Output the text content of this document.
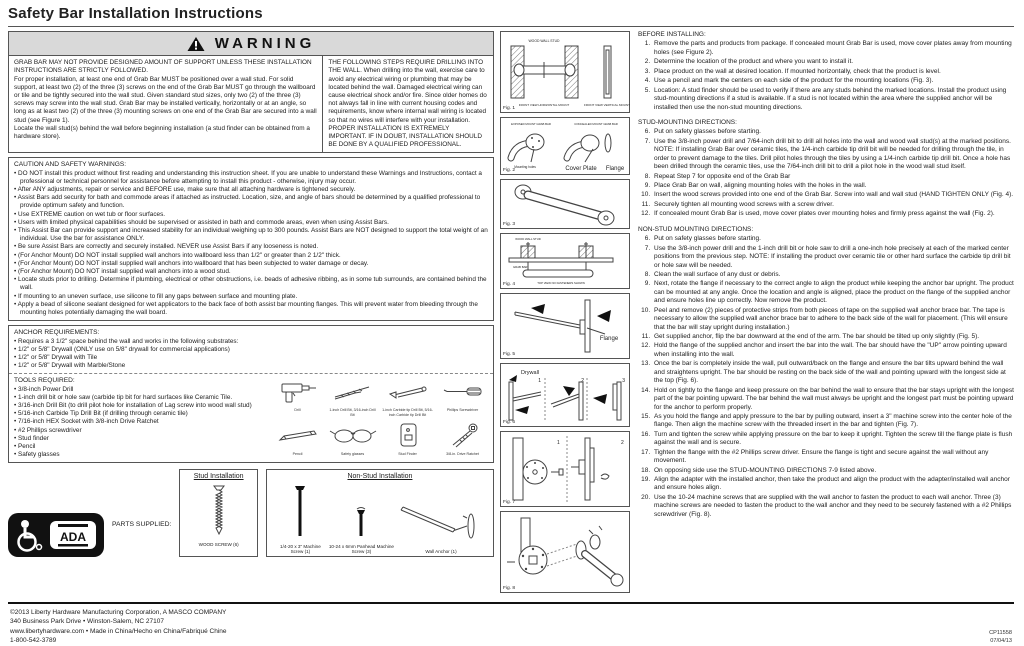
Safety Bar Installation Instructions
WARNING
GRAB BAR MAY NOT PROVIDE DESIGNED AMOUNT OF SUPPORT UNLESS THESE INSTALLATION INSTRUCTIONS ARE STRICTLY FOLLOWED.
For proper installation, at least one end of Grab Bar MUST be positioned over a wall stud. For solid support, at least two (2) of the three (3) screws on the end of the Grab Bar MUST go through the wallboard or tile and be tightly secured into the wall stud. Given standard stud sizes, only two (2) of the three (3) screws may screw into the wall stud. Grab Bar may be installed vertically, horizontally or at an angle, so long as at least two (2) of the three (3) mounting screws on one end of the Grab Bar are secured into a wall stud (see Figure 1).
Locate the wall stud(s) behind the wall before beginning installation (a stud finder can be obtained from a hardware store).
THE FOLLOWING STEPS REQUIRE DRILLING INTO THE WALL. When drilling into the wall, exercise care to avoid any electrical wiring or plumbing that may be located behind the wall. Damaged electrical wiring can cause electrical shock and/or fire. Since older homes do not always fall in line with current housing codes and requirements, know where internal wall wiring is located so that no wires will interfere with your installation. PROPER INSTALLATION IS EXTREMELY IMPORTANT. IF IN DOUBT, INSTALLATION SHOULD BE DONE BY A QUALIFIED PROFESSIONAL.
CAUTION AND SAFETY WARNINGS:
• DO NOT install this product without first reading and understanding this instruction sheet. If you are unable to understand these Warnings and Instructions, contact a professional or technical personnel for assistance before attempting to install this product - otherwise, injury may occur.
• After ANY adjustments, repair or service and BEFORE use, make sure that all attaching hardware is tightened securely.
• Assist Bars add security for bath and commode areas if attached as instructed. Location, size, and angle of bars should be determined by a qualified professional to provide optimum safety and function.
• Use EXTREME caution on wet tub or floor surfaces.
• Users with limited physical capabilities should be supervised or assisted in bath and commode areas, even when using Assist Bars.
• This Assist Bar can provide support and increased stability for an individual weighing up to 300 pounds. Assist Bars are NOT designed to support the total weight of an individual. Use the bar for assistance ONLY.
• Be sure Assist Bars are correctly and securely installed. NEVER use Assist Bars if any looseness is noted.
• (For Anchor Mount) DO NOT install supplied wall anchors into wallboard less than 1/2" or greater than 2 1/2" thick.
• (For Anchor Mount) DO NOT install supplied wall anchors into wallboard that has been subjected to water damage or decay.
• (For Anchor Mount) DO NOT install supplied wall anchors into a wood stud.
• Locate studs prior to drilling. Determine if plumbing, electrical or other obstructions, i.e. beads of adhesive ribbing, as in some tub surrounds, are contained behind the wall.
• If mounting to an uneven surface, use silicone to fill any gaps between surface and mounting plate.
• Apply a bead of silicone sealant designed for wet applicators to the back face of both assist bar mounting flanges. This will prevent water from bleeding through the mounting holes potentially damaging the wall board.
ANCHOR REQUIREMENTS:
• Requires a 3 1/2" space behind the wall and works in the following substrates:
• 1/2" or 5/8" Drywall (ONLY use on 5/8" drywall for commercial applications)
• 1/2" or 5/8" Drywall with Tile
• 1/2" or 5/8" Drywall with Marble/Stone
TOOLS REQUIRED:
• 3/8-inch Power Drill
• 1-inch drill bit or hole saw (carbide tip bit for hard surfaces like Ceramic Tile.
• 3/16-inch Drill Bit (to drill pilot hole for installation of Lag screw into wood wall stud)
• 5/16-inch Carbide Tip Drill Bit (if drilling through ceramic tile)
• 7/16-inch HEX Socket with 3/8-inch Drive Ratchet
• #2 Phillips screwdriver
• Stud finder
• Pencil
• Safety glasses
Drill	1-inch Drill Bit, 3/16-inch Drill Bit
1-inch Carbide tip Drill Bit, 5/16-inch Carbide tip Drill Bit
Phillips Screwdriver
Pencil	Safety glasses	Stud Finder	3/8-in. Drive Ratchet
ADA
PARTS SUPPLIED:
Stud Installation
WOOD SCREW (6)
Non-Stud Installation
1/4-20 x 3" Machine Screw (1)
10-24 x 6mm Panhead Machine Screw (3)	Wall Anchor (1)
WOOD WALL STUD
FRONT VIEW HORIZONTAL MOUNT	FRONT VIEW VERTICAL MOUNT
Fig. 1
EXPOSED MOUNT GRAB BAR	CONCEALED MOUNT GRAB BAR
Mounting holes	Cover Plate Flange
Fig. 2
Fig. 3
WOOD WALL STUD
GRAB BAR
TOP VIEW NO FASTENERS SHOWN
Fig. 4
Flange
Fig. 5
Drywall
1	2	3
Fig. 6
1	2
Fig. 7
Fig. 8
BEFORE INSTALLING:
1. Remove the parts and products from package. If concealed mount Grab Bar is used, move cover plates away from mounting holes (see Figure 2).
2. Determine the location of the product and where you want to install it.
3. Place product on the wall at desired location. If mounted horizontally, check that the product is level.
4. Use a pencil and mark the centers on each side of the product for the mounting locations (Fig. 3).
5. Location: A stud finder should be used to verify if there are any studs behind the marked locations. Install the product using stud-mounting directions if a stud is available. If a stud is not located within the area where the supplied anchor will be installed then use the non-stud mounting directions.
STUD-MOUNTING DIRECTIONS:
6. Put on safety glasses before starting.
7. Use the 3/8-inch power drill and 7/64-inch drill bit to drill all holes into the wall and wood wall stud(s) at the marked positions. NOTE: If installing Grab Bar over ceramic tiles, the 1/4-inch carbide tip drill bit will be needed for drilling through the tile, in order to prevent damage to the tiles. Drill pilot holes through the tiles by using a 1/4-inch carbide tip drill bit. Once a hole has been drilled through the ceramic tiles, use the 7/64-inch drill bit to drill a pilot hole in the wood wall stud itself.
8. Repeat Step 7 for opposite end of the Grab Bar
9. Place Grab Bar on wall, aligning mounting holes with the holes in the wall.
10. Insert the wood screws provided into one end of the Grab Bar. Screw into wall and wall stud (HAND TIGHTEN ONLY (Fig. 4).
11. Securely tighten all mounting wood screws with a screw driver.
12. If concealed mount Grab Bar is used, move cover plates over mounting holes and firmly press against the wall (Fig. 2).
NON-STUD MOUNTING DIRECTIONS:
6. Put on safety glasses before starting.
7. Use the 3/8-inch power drill and the 1-inch drill bit or hole saw to drill a one-inch hole precisely at each of the marked center positions from the previous step. NOTE: If installing the product over ceramic tile or other hard surface the carbide tip drill bit or hole saw will be needed.
8. Clean the wall surface of any dust or debris.
9. Next, rotate the flange if necessary to the correct angle to align the product while keeping the anchor bar upright. The product can be mounted at any angle. Once the location and angle is aligned, place the product on the flange of the supplied anchor and ensure holes line up correctly. Now remove the product.
10. Peel and remove (2) pieces of protective strips from both pieces of tape on the supplied wall anchor brace bar. The tape is necessary to allow the supplied wall anchor brace bar to adhere to the back side of the wall for placement. (This will ensure that the bar will stay upright during installation.)
11. Get supplied anchor, flip the bar downward at the end of the arm. The bar should be tilted up only slightly (Fig. 5).
12. Hold the flange of the supplied anchor and insert the bar into the wall. The bar should have the "UP" arrow pointing upward when installing into the wall.
13. Once the bar is completely inside the wall, pull outward/back on the flange and ensure the bar tilts upward behind the wall and straightens upright. The bar should be resting on the back side of the wall and pointing upward with the longest side at the top (Fig. 6).
14. Hold on tightly to the flange and keep pressure on the bar behind the wall to ensure that the bar stays upright with the longest part of the bar pointing upward. The bar behind the wall must always be upright and the longest part must be pointing upward for the anchor to perform properly.
15. As you hold the flange and apply pressure to the bar by pulling outward, insert a 3" machine screw into the center hole of the flange. Then align the machine screw with the threaded insert in the bar and tighten (Fig. 7).
16. Turn and tighten the screw while applying pressure on the bar to keep it upright. Tighten the screw till the flange plate is flush against the wall and is secure.
17. Tighten the flange with the #2 Phillips screw driver. Ensure the flange is tight and secure against the wall without any movement.
18. On opposing side use the STUD-MOUNTING DIRECTIONS 7-9 listed above.
19. Align the adapter with the installed anchor, then take the product and align the product with the adapter/installed wall anchor and ensure holes align.
20. Use the 10-24 machine screws that are supplied with the wall anchor to fasten the product to each wall anchor. Three (3) machine screws are needed to fasten the product to the wall anchor and they need to be securely fastened with a #2 Phillips screwdriver (Fig. 8).
©2013 Liberty Hardware Manufacturing Corporation, A MASCO COMPANY
340 Business Park Drive • Winston-Salem, NC 27107
www.libertyhardware.com • Made in China/Hecho en China/Fabriqué Chine
1-800-542-3789
CP11558
07/04/13
